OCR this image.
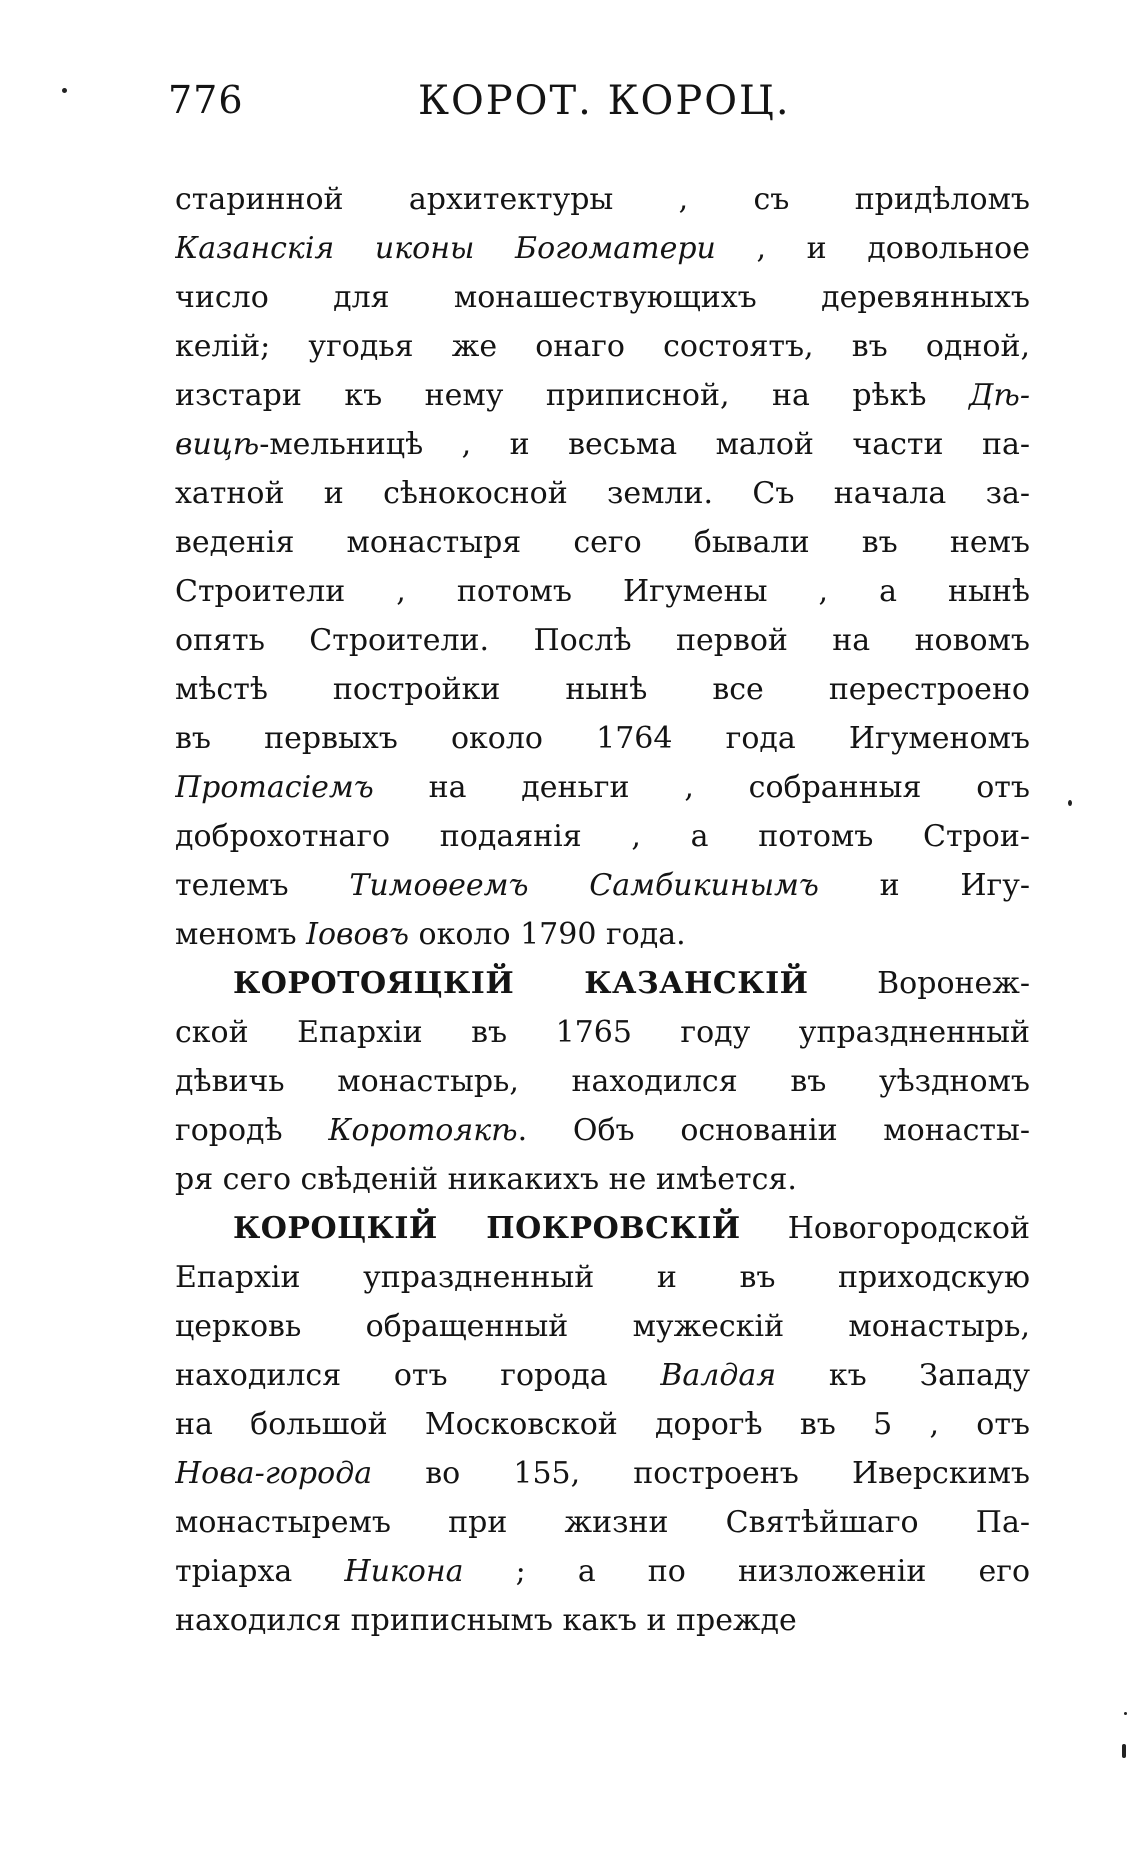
776	КОРОТ. КОРОЦ.
старинной архитектуры , съ придѣломъ
Казанскія иконы Богоматери , и довольное
число для монашествующихъ деревянныхъ
келій; угодья же онаго состоятъ, въ одной,
изстари къ нему приписной, на рѣкѣ Дѣ-
вицѣ-мельницѣ , и весьма малой части па-
хатной и сѣнокосной земли. Съ начала за-
веденія монастыря сего бывали въ немъ
Строители , потомъ Игумены , а нынѣ
опять Строители. Послѣ первой на новомъ
мѣстѣ постройки нынѣ все перестроено
въ первыхъ около 1764 года Игуменомъ
Протасіемъ на деньги , собранныя отъ
доброхотнаго подаянія , а потомъ Строи-
телемъ Тимоѳеемъ Самбикинымъ и Игу-
меномъ Іововъ около 1790 года.
КОРОТОЯЦКІЙ КАЗАНСКІЙ Воронеж-
ской Епархіи въ 1765 году упраздненный
дѣвичь монастырь, находился въ уѣздномъ
городѣ Коротоякѣ. Объ основаніи монасты-
ря сего свѣденій никакихъ не имѣется.
КОРОЦКІЙ ПОКРОВСКІЙ Новогородской
Епархіи упраздненный и въ приходскую
церковь обращенный мужескій монастырь,
находился отъ города Валдая къ Западу
на большой Московской дорогѣ въ 5 , отъ
Нова-города во 155, построенъ Иверскимъ
монастыремъ при жизни Святѣйшаго Па-
тріарха Никона ; а по низложеніи его
находился приписнымъ какъ и прежде
